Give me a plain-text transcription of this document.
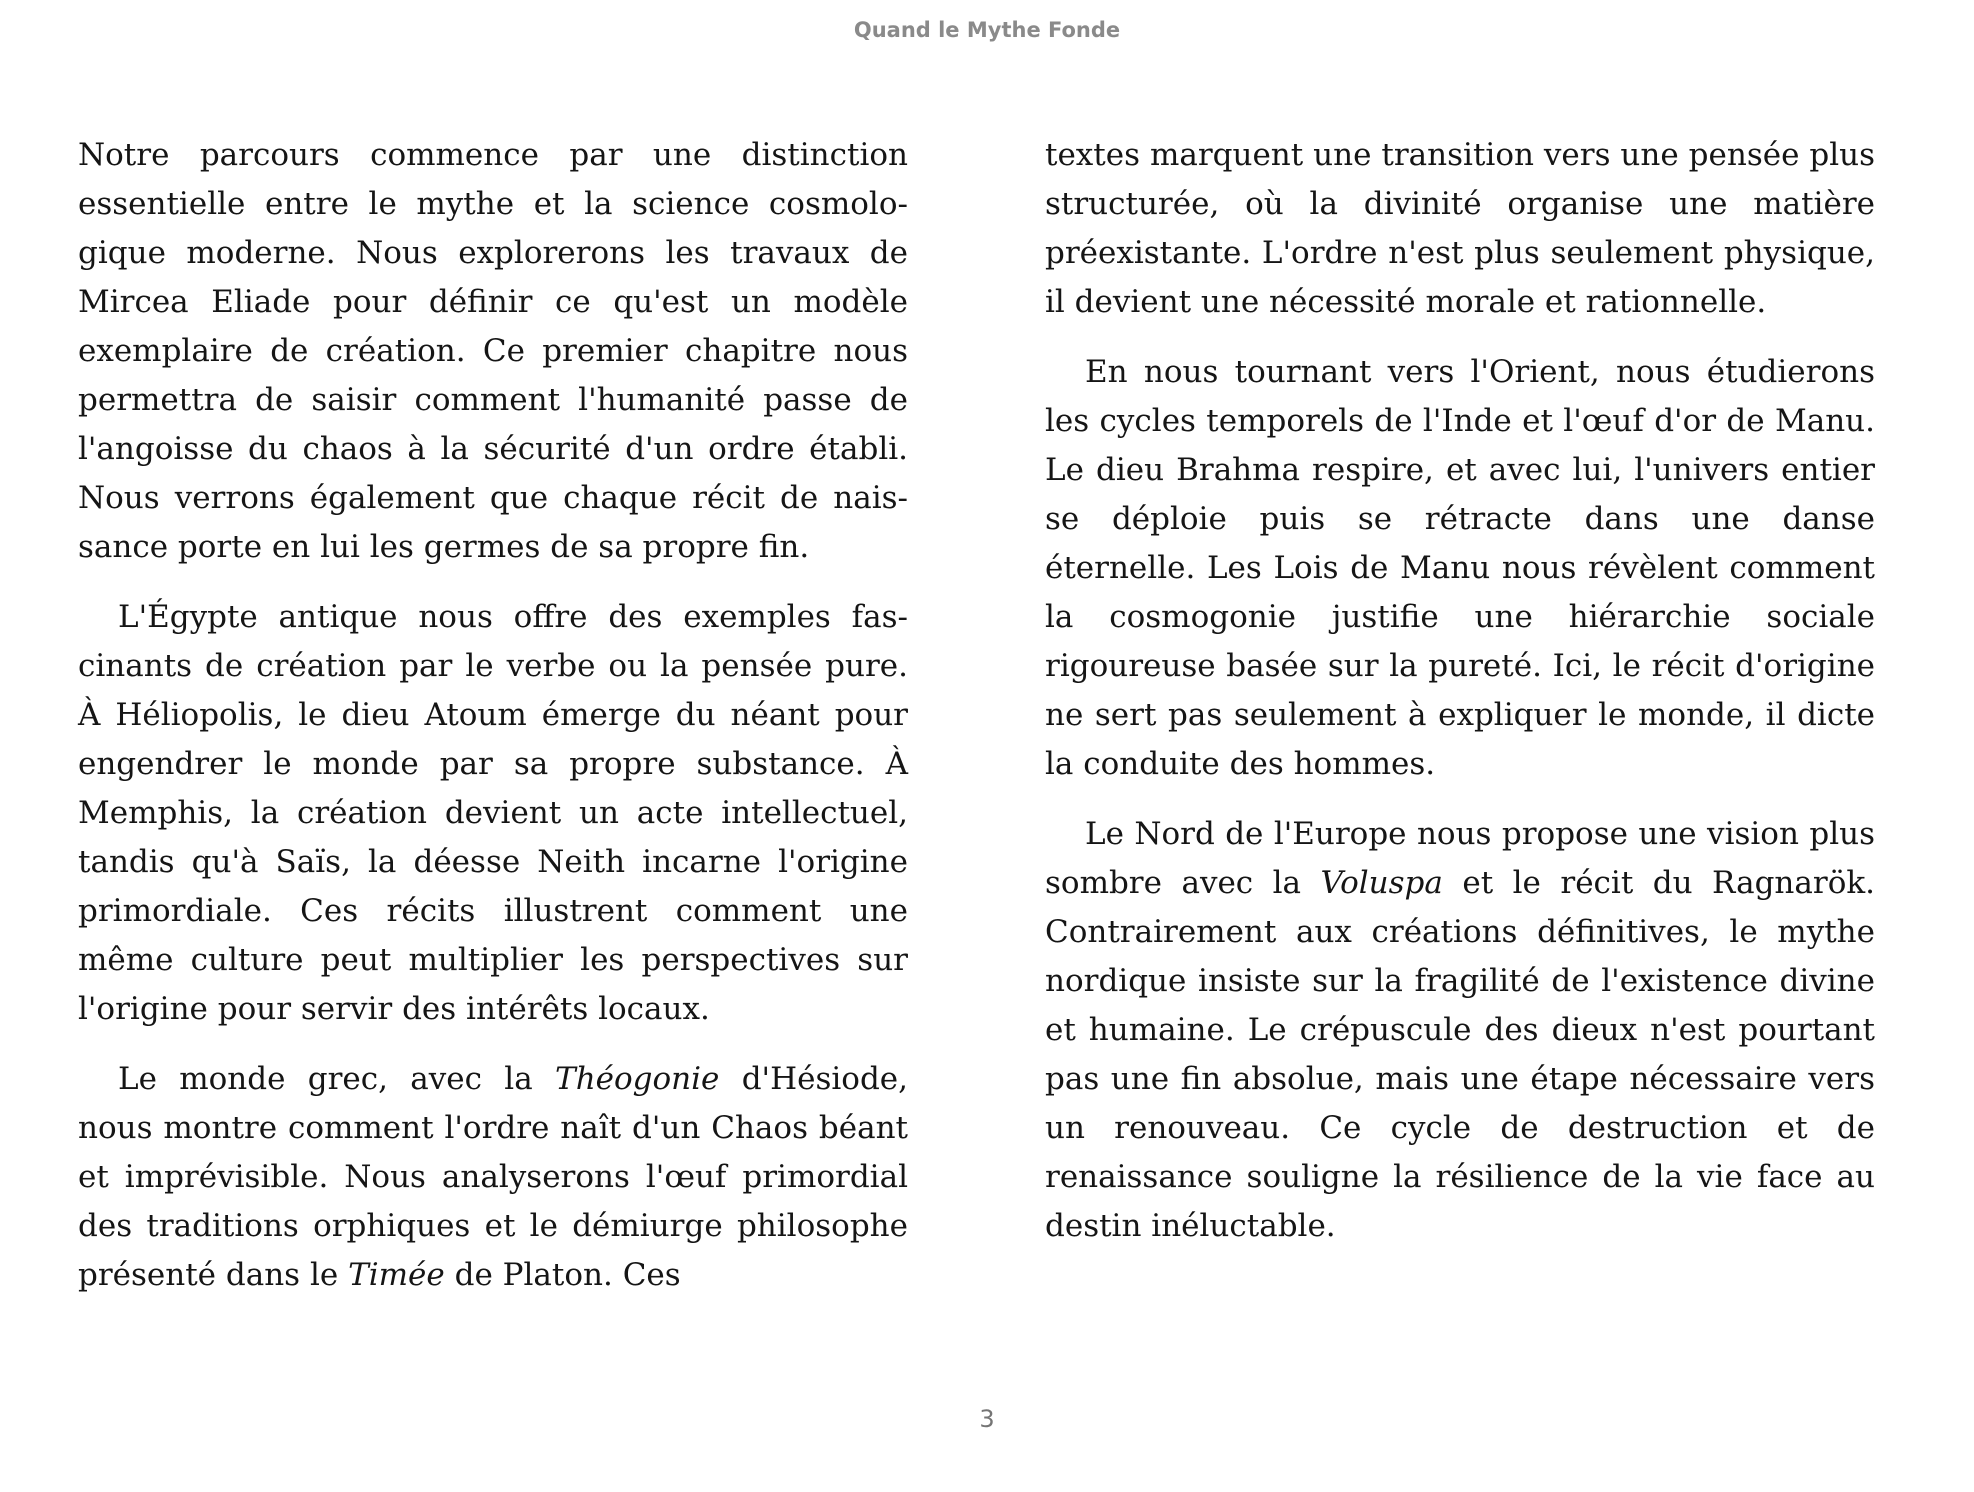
Quand le Mythe Fonde

Notre parcours commence par une distinction essentielle entre le mythe et la science cosmologique moderne. Nous explorerons les travaux de Mircea Eliade pour définir ce qu'est un modèle exemplaire de création. Ce premier chapitre nous permettra de saisir comment l'humanité passe de l'angoisse du chaos à la sécurité d'un ordre établi. Nous verrons également que chaque récit de naissance porte en lui les germes de sa propre fin.

L'Égypte antique nous offre des exemples fascinants de création par le verbe ou la pensée pure. À Héliopolis, le dieu Atoum émerge du néant pour engendrer le monde par sa propre substance. À Memphis, la création devient un acte intellectuel, tandis qu'à Saïs, la déesse Neith incarne l'origine primordiale. Ces récits illustrent comment une même culture peut multiplier les perspectives sur l'origine pour servir des intérêts locaux.

Le monde grec, avec la Théogonie d'Hésiode, nous montre comment l'ordre naît d'un Chaos béant et imprévisible. Nous analyserons l'œuf primordial des traditions orphiques et le démiurge philosophe présenté dans le Timée de Platon. Ces

textes marquent une transition vers une pensée plus structurée, où la divinité organise une matière préexistante. L'ordre n'est plus seulement physique, il devient une nécessité morale et rationnelle.

En nous tournant vers l'Orient, nous étudierons les cycles temporels de l'Inde et l'œuf d'or de Manu. Le dieu Brahma respire, et avec lui, l'univers entier se déploie puis se rétracte dans une danse éternelle. Les Lois de Manu nous révèlent comment la cosmogonie justifie une hiérarchie sociale rigoureuse basée sur la pureté. Ici, le récit d'origine ne sert pas seulement à expliquer le monde, il dicte la conduite des hommes.

Le Nord de l'Europe nous propose une vision plus sombre avec la Voluspa et le récit du Ragnarök. Contrairement aux créations définitives, le mythe nordique insiste sur la fragilité de l'existence divine et humaine. Le crépuscule des dieux n'est pourtant pas une fin absolue, mais une étape nécessaire vers un renouveau. Ce cycle de destruction et de renaissance souligne la résilience de la vie face au destin inéluctable.

3
